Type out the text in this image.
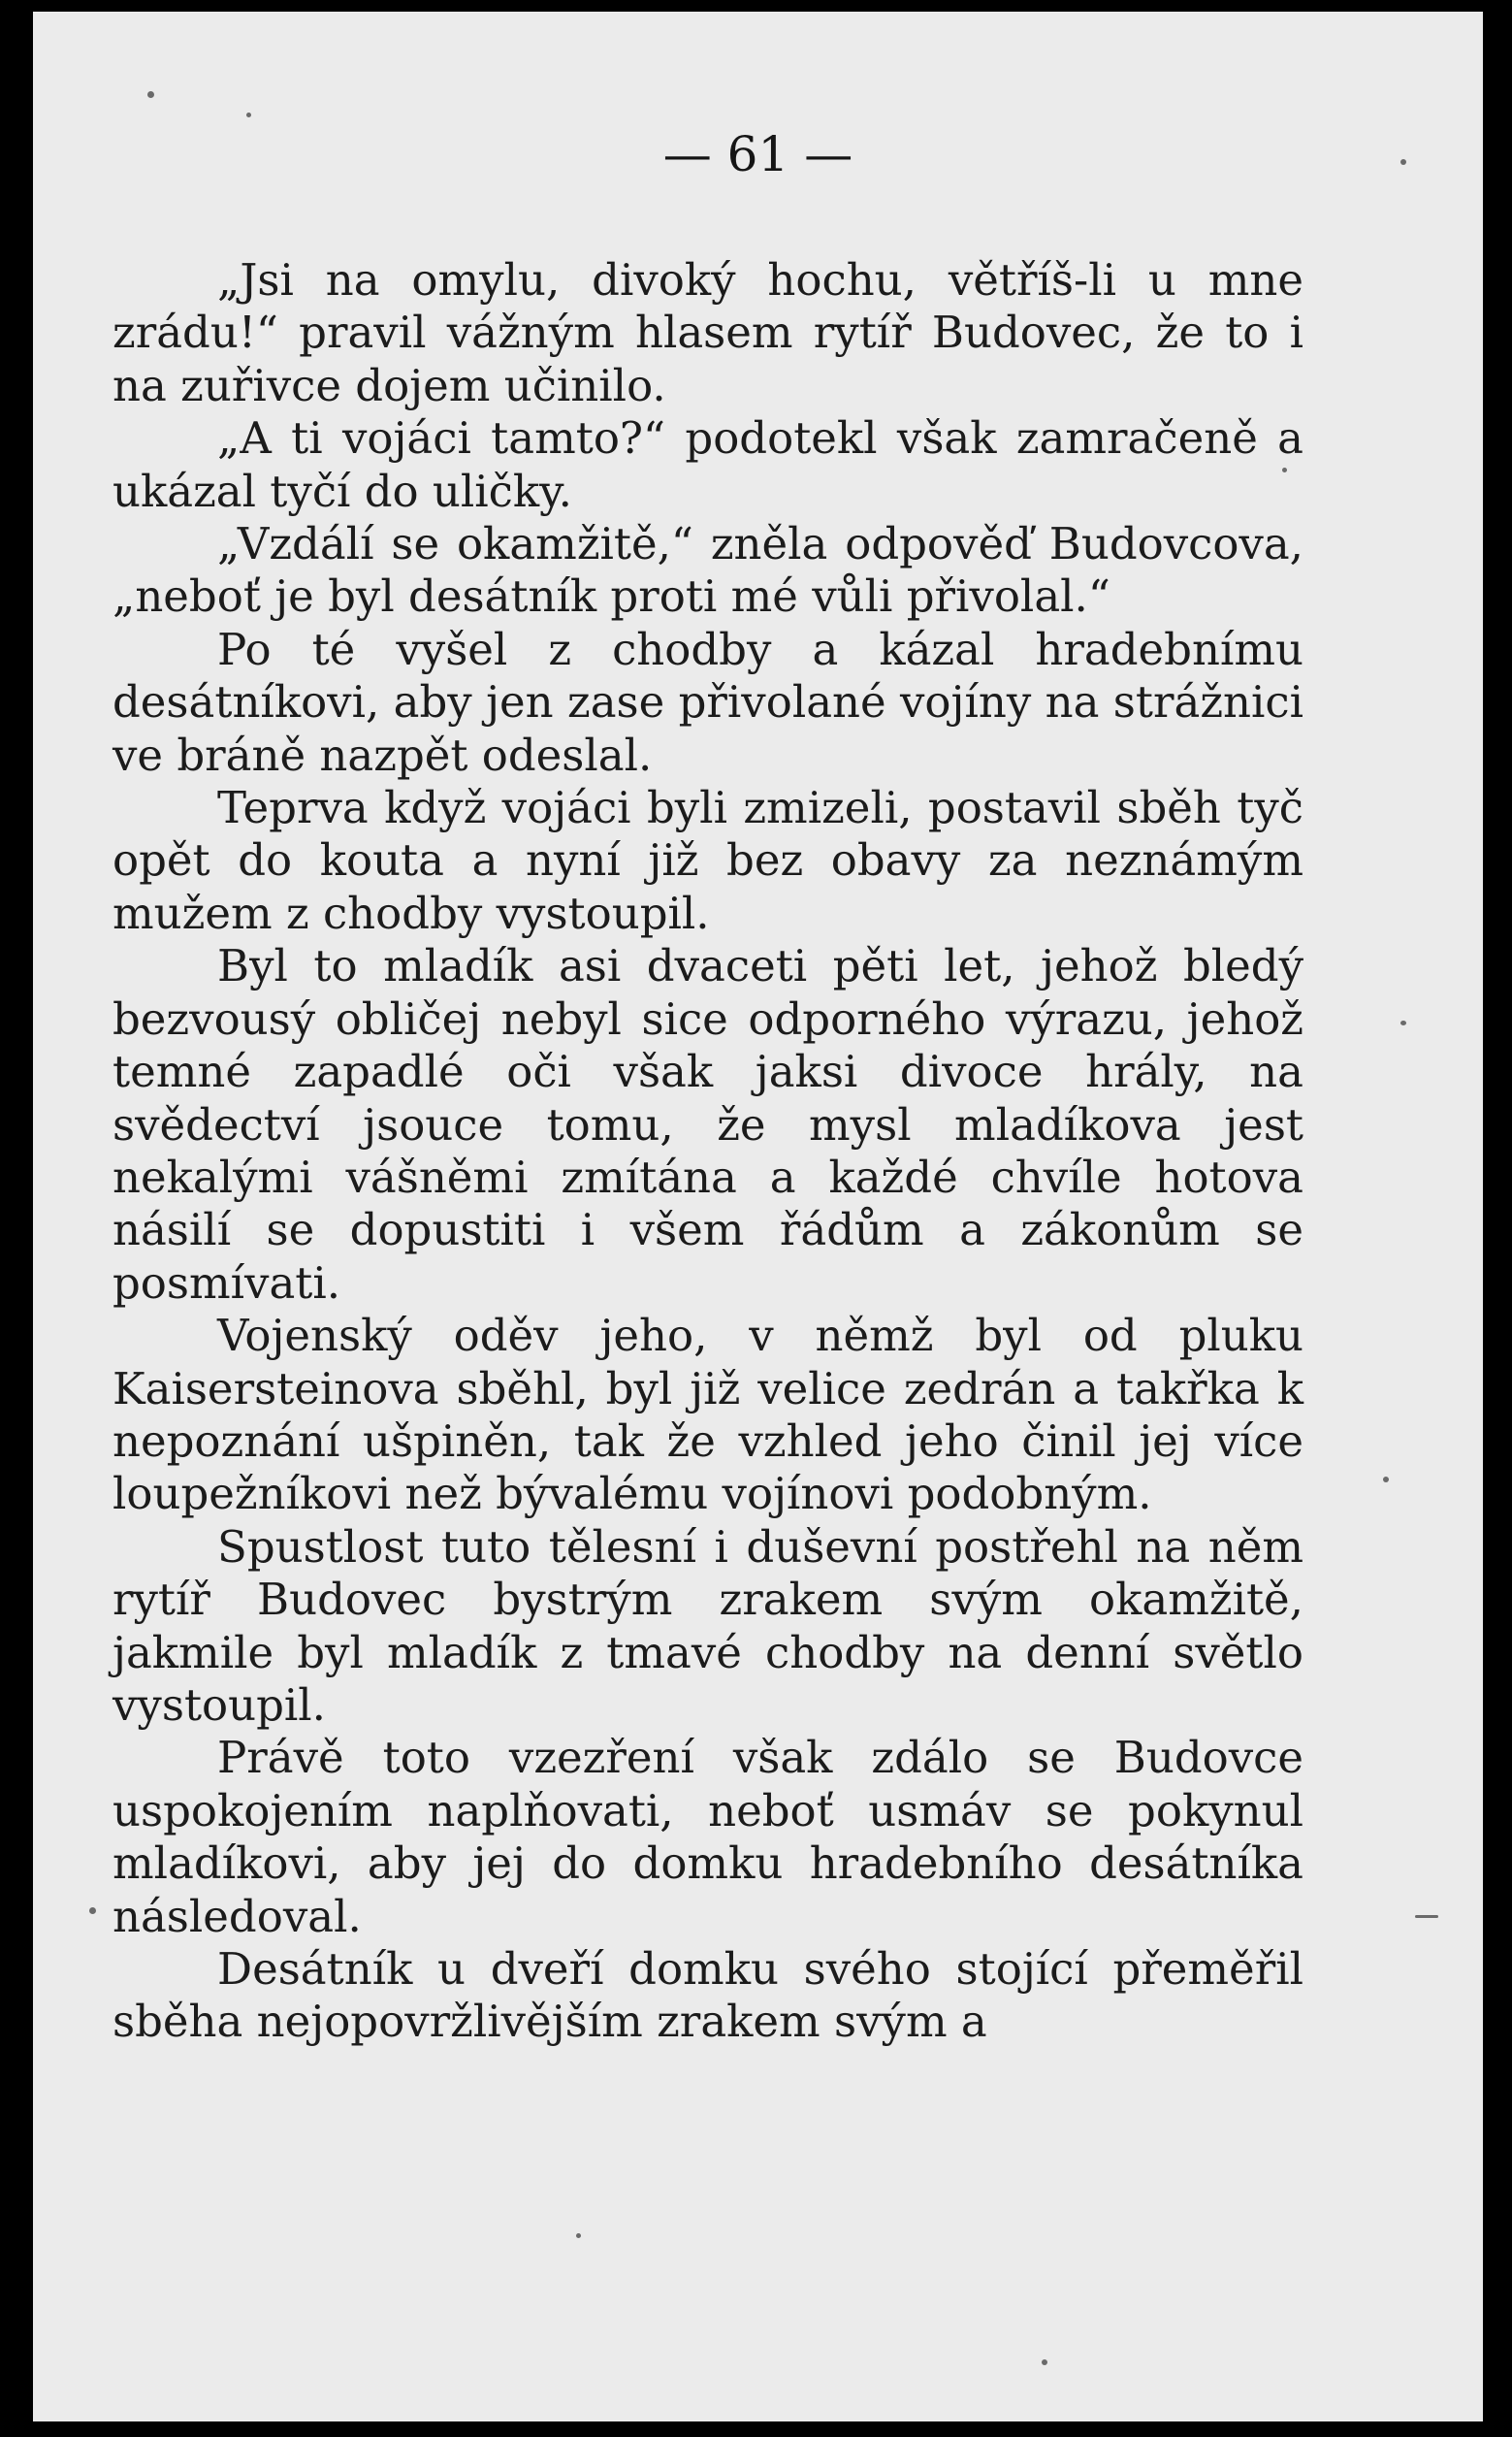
— 61 —

„Jsi na omylu, divoký hochu, větříš-li u mne zrádu!“ pravil vážným hlasem rytíř Budovec, že to i na zuřivce dojem učinilo.

„A ti vojáci tamto?“ podotekl však zamračeně a ukázal tyčí do uličky.

„Vzdálí se okamžitě,“ zněla odpověď Budovcova, „neboť je byl desátník proti mé vůli přivolal.“

Po té vyšel z chodby a kázal hradebnímu desátníkovi, aby jen zase přivolané vojíny na strážnici ve bráně nazpět odeslal.

Teprva když vojáci byli zmizeli, postavil sběh tyč opět do kouta a nyní již bez obavy za neznámým mužem z chodby vystoupil.

Byl to mladík asi dvaceti pěti let, jehož bledý bezvousý obličej nebyl sice odporného výrazu, jehož temné zapadlé oči však jaksi divoce hrály, na svědectví jsouce tomu, že mysl mladíkova jest nekalými vášněmi zmítána a každé chvíle hotova násilí se dopustiti i všem řádům a zákonům se posmívati.

Vojenský oděv jeho, v němž byl od pluku Kaisersteinova sběhl, byl již velice zedrán a takřka k nepoznání ušpiněn, tak že vzhled jeho činil jej více loupežníkovi než bývalému vojínovi podobným.

Spustlost tuto tělesní i duševní postřehl na něm rytíř Budovec bystrým zrakem svým okamžitě, jakmile byl mladík z tmavé chodby na denní světlo vystoupil.

Právě toto vzezření však zdálo se Budovce uspokojením naplňovati, neboť usmáv se pokynul mladíkovi, aby jej do domku hradebního desátníka následoval.

Desátník u dveří domku svého stojící přeměřil sběha nejopovržlivějším zrakem svým a
